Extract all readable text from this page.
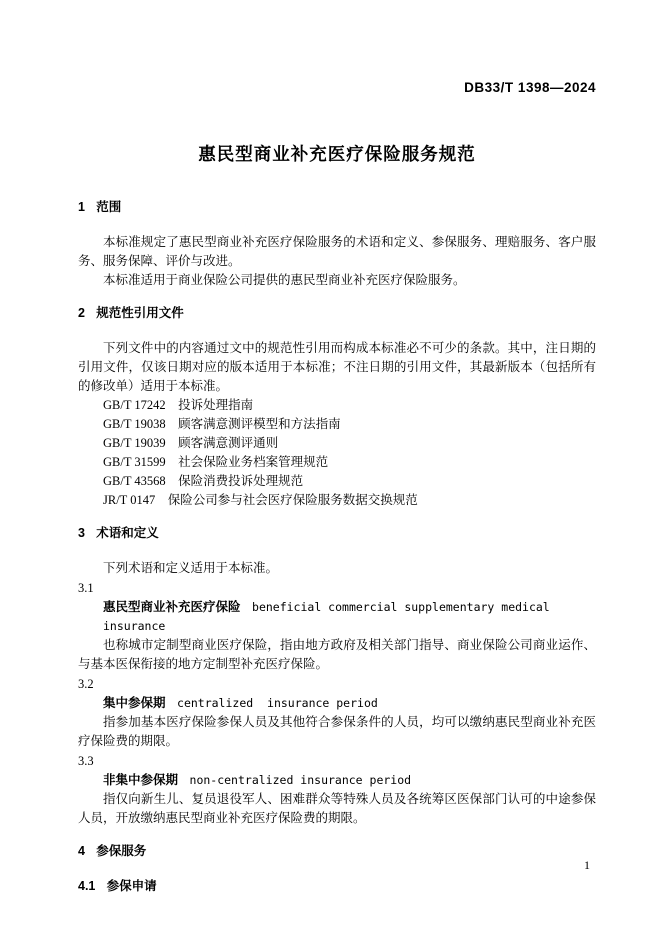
DB33/T 1398—2024
惠民型商业补充医疗保险服务规范
1 范围

本标准规定了惠民型商业补充医疗保险服务的术语和定义、参保服务、理赔服务、客户服务、服务保障、评价与改进。

本标准适用于商业保险公司提供的惠民型商业补充医疗保险服务。

2 规范性引用文件

下列文件中的内容通过文中的规范性引用而构成本标准必不可少的条款。其中，注日期的引用文件，仅该日期对应的版本适用于本标准；不注日期的引用文件，其最新版本（包括所有的修改单）适用于本标准。

GB/T 17242 投诉处理指南
GB/T 19038 顾客满意测评模型和方法指南
GB/T 19039 顾客满意测评通则
GB/T 31599 社会保险业务档案管理规范
GB/T 43568 保险消费投诉处理规范
JR/T 0147 保险公司参与社会医疗保险服务数据交换规范
3 术语和定义

下列术语和定义适用于本标准。

3.1
惠民型商业补充医疗保险 beneficial commercial supplementary medical insurance

也称城市定制型商业医疗保险，指由地方政府及相关部门指导、商业保险公司商业运作、与基本医保衔接的地方定制型补充医疗保险。

3.2
集中参保期 centralized  insurance period

指参加基本医疗保险参保人员及其他符合参保条件的人员，均可以缴纳惠民型商业补充医疗保险费的期限。

3.3
非集中参保期 non-centralized insurance period

指仅向新生儿、复员退役军人、困难群众等特殊人员及各统筹区医保部门认可的中途参保人员，开放缴纳惠民型商业补充医疗保险费的期限。

4 参保服务
4.1 参保申请
1
